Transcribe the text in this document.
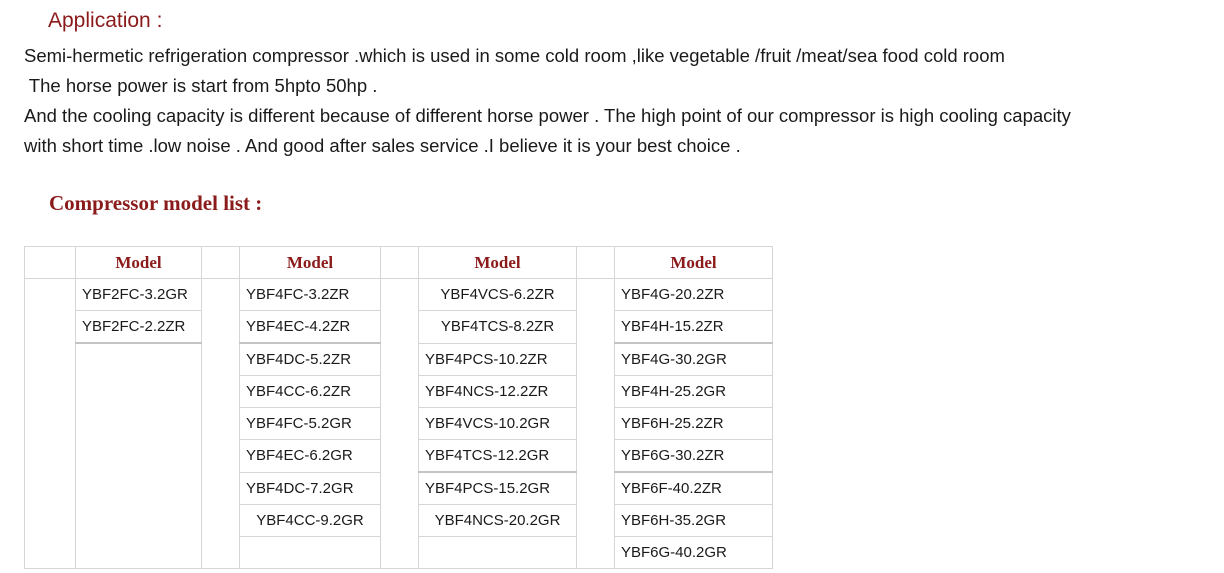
Application :
Semi-hermetic refrigeration compressor .which is used in some cold room ,like vegetable /fruit /meat/sea food cold room
The horse power is start from 5hpto 50hp .
And the cooling capacity is different because of different horse power . The high point of our compressor is high cooling capacity
with short time .low noise . And good after sales service .I believe it is your best choice .
Compressor model list :
	Model		Model		Model		Model
	YBF2FC-3.2GR		YBF4FC-3.2ZR		YBF4VCS-6.2ZR		YBF4G-20.2ZR
	YBF2FC-2.2ZR		YBF4EC-4.2ZR		YBF4TCS-8.2ZR		YBF4H-15.2ZR
			YBF4DC-5.2ZR		YBF4PCS-10.2ZR		YBF4G-30.2GR
			YBF4CC-6.2ZR		YBF4NCS-12.2ZR		YBF4H-25.2GR
			YBF4FC-5.2GR		YBF4VCS-10.2GR		YBF6H-25.2ZR
			YBF4EC-6.2GR		YBF4TCS-12.2GR		YBF6G-30.2ZR
			YBF4DC-7.2GR		YBF4PCS-15.2GR		YBF6F-40.2ZR
			YBF4CC-9.2GR		YBF4NCS-20.2GR		YBF6H-35.2GR
							YBF6G-40.2GR
